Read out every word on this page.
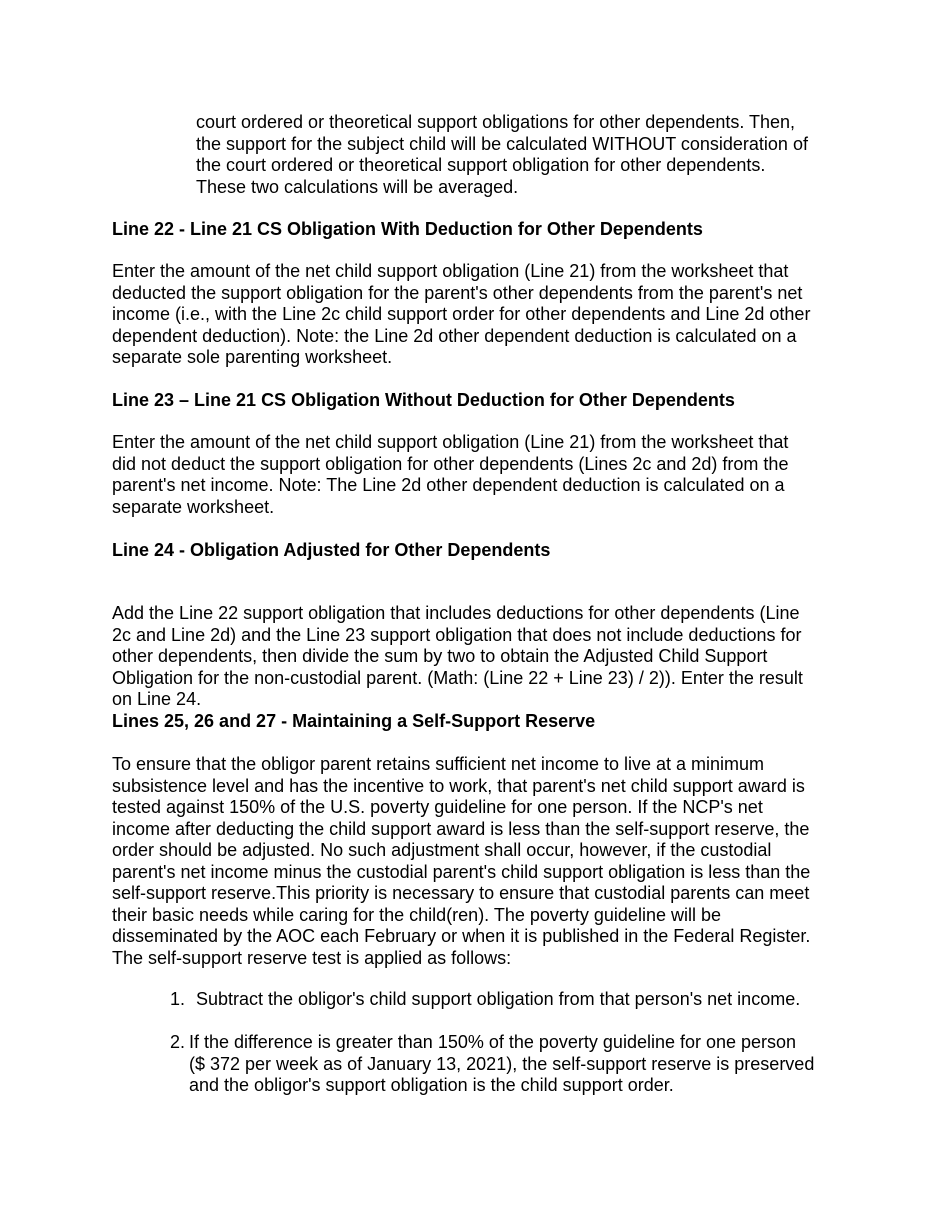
court ordered or theoretical support obligations for other dependents. Then,
the support for the subject child will be calculated WITHOUT consideration of
the court ordered or theoretical support obligation for other dependents.
These two calculations will be averaged.

Line 22 - Line 21 CS Obligation With Deduction for Other Dependents

Enter the amount of the net child support obligation (Line 21) from the worksheet that
deducted the support obligation for the parent's other dependents from the parent's net
income (i.e., with the Line 2c child support order for other dependents and Line 2d other
dependent deduction). Note: the Line 2d other dependent deduction is calculated on a
separate sole parenting worksheet.

Line 23 – Line 21 CS Obligation Without Deduction for Other Dependents

Enter the amount of the net child support obligation (Line 21) from the worksheet that
did not deduct the support obligation for other dependents (Lines 2c and 2d) from the
parent's net income. Note: The Line 2d other dependent deduction is calculated on a
separate worksheet.

Line 24 - Obligation Adjusted for Other Dependents

Add the Line 22 support obligation that includes deductions for other dependents (Line
2c and Line 2d) and the Line 23 support obligation that does not include deductions for
other dependents, then divide the sum by two to obtain the Adjusted Child Support
Obligation for the non-custodial parent. (Math: (Line 22 + Line 23) / 2)). Enter the result
on Line 24.

Lines 25, 26 and 27 - Maintaining a Self-Support Reserve

To ensure that the obligor parent retains sufficient net income to live at a minimum
subsistence level and has the incentive to work, that parent's net child support award is
tested against 150% of the U.S. poverty guideline for one person. If the NCP's net
income after deducting the child support award is less than the self-support reserve, the
order should be adjusted. No such adjustment shall occur, however, if the custodial
parent's net income minus the custodial parent's child support obligation is less than the
self-support reserve.This priority is necessary to ensure that custodial parents can meet
their basic needs while caring for the child(ren). The poverty guideline will be
disseminated by the AOC each February or when it is published in the Federal Register.
The self-support reserve test is applied as follows:

1. Subtract the obligor's child support obligation from that person's net income.
2. If the difference is greater than 150% of the poverty guideline for one person
($ 372 per week as of January 13, 2021), the self-support reserve is preserved
and the obligor's support obligation is the child support order.
